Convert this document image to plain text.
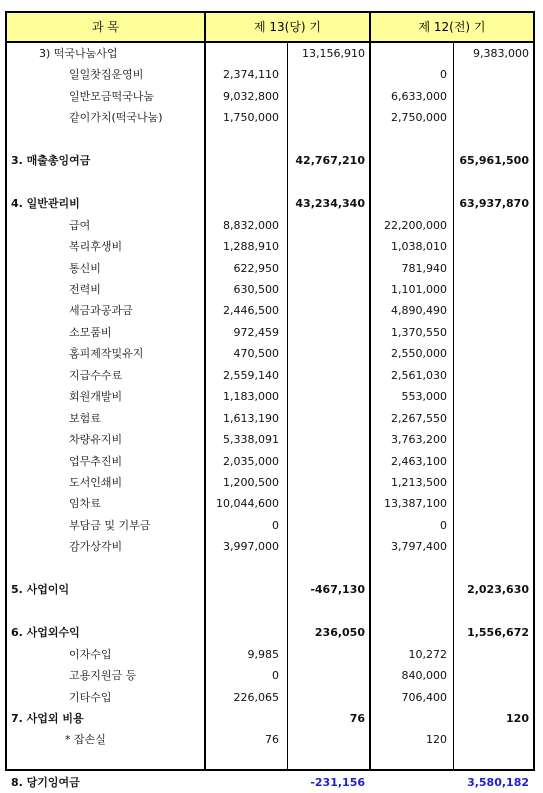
과 목	제 13(당) 기	제 12(전) 기
3) 떡국나눔사업	13,156,910	9,383,000
일일찻집운영비	2,374,110	0
일반모금떡국나눔	9,032,800	6,633,000
같이가치(떡국나눔)	1,750,000	2,750,000
3. 매출총잉여금	42,767,210	65,961,500
4. 일반관리비	43,234,340	63,937,870
급여	8,832,000	22,200,000
복리후생비	1,288,910	1,038,010
통신비	622,950	781,940
전력비	630,500	1,101,000
세금과공과금	2,446,500	4,890,490
소모품비	972,459	1,370,550
홈피제작및유지	470,500	2,550,000
지급수수료	2,559,140	2,561,030
회원개발비	1,183,000	553,000
보험료	1,613,190	2,267,550
차량유지비	5,338,091	3,763,200
업무추진비	2,035,000	2,463,100
도서인쇄비	1,200,500	1,213,500
임차료	10,044,600	13,387,100
부담금 및 기부금	0	0
감가상각비	3,997,000	3,797,400
5. 사업이익	-467,130	2,023,630
6. 사업외수익	236,050	1,556,672
이자수입	9,985	10,272
고용지원금 등	0	840,000
기타수입	226,065	706,400
7. 사업외 비용	76	120
* 잡손실	76	120
8. 당기잉여금	-231,156	3,580,182
